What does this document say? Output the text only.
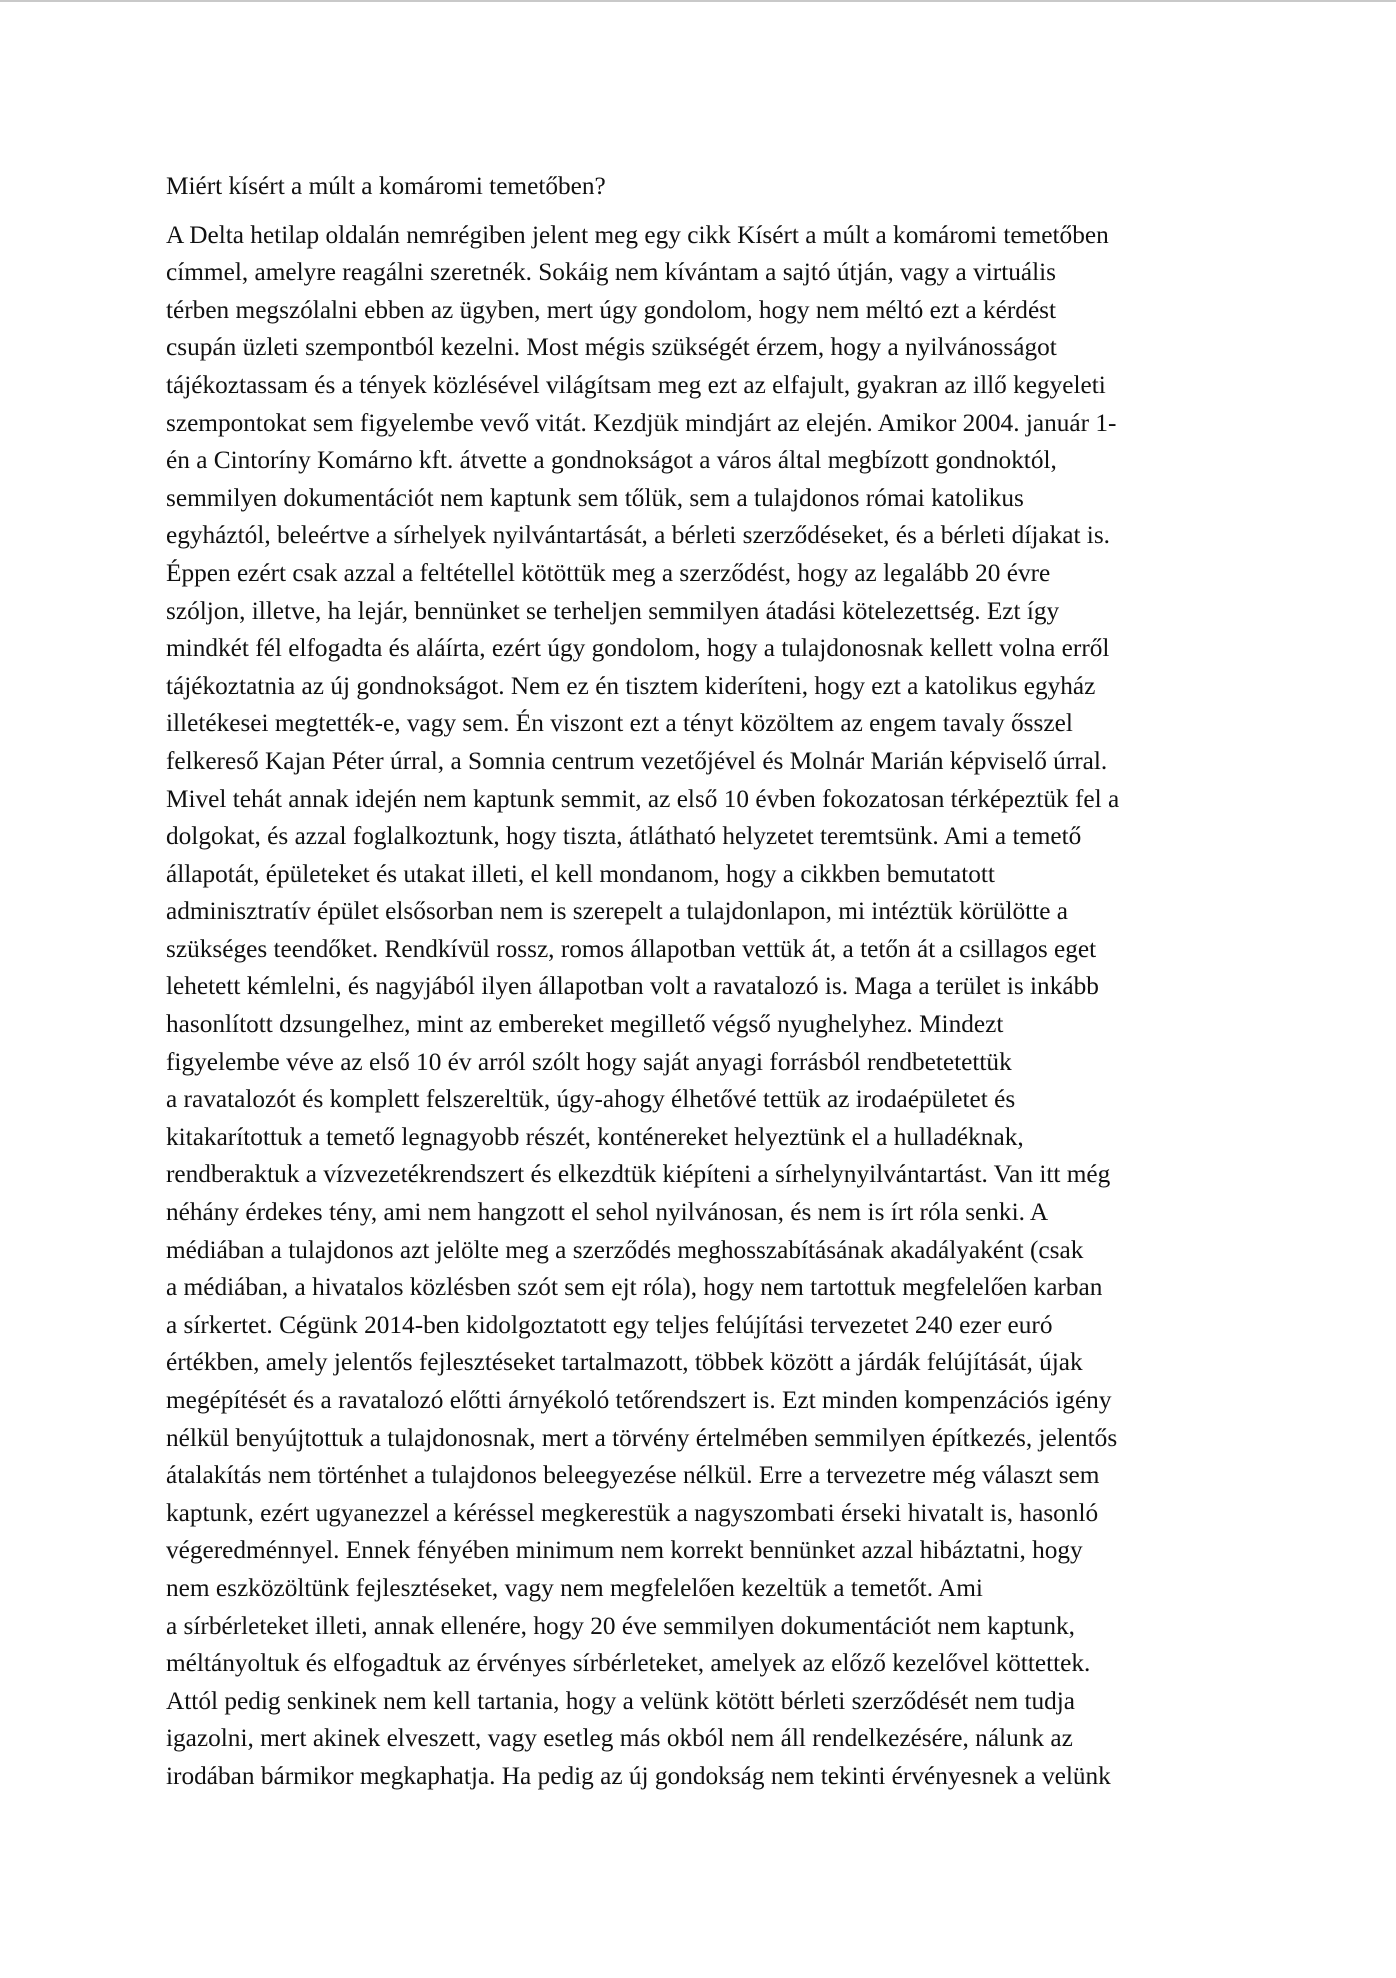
Miért kísért a múlt a komáromi temetőben?
A Delta hetilap oldalán nemrégiben jelent meg egy cikk Kísért a múlt a komáromi temetőben
címmel, amelyre reagálni szeretnék. Sokáig nem kívántam a sajtó útján, vagy a virtuális
térben megszólalni ebben az ügyben, mert úgy gondolom, hogy nem méltó ezt a kérdést
csupán üzleti szempontból kezelni. Most mégis szükségét érzem, hogy a nyilvánosságot
tájékoztassam és a tények közlésével világítsam meg ezt az elfajult, gyakran az illő kegyeleti
szempontokat sem figyelembe vevő vitát. Kezdjük mindjárt az elején. Amikor 2004. január 1-
én a Cintoríny Komárno kft. átvette a gondnokságot a város által megbízott gondnoktól,
semmilyen dokumentációt nem kaptunk sem tőlük, sem a tulajdonos római katolikus
egyháztól, beleértve a sírhelyek nyilvántartását, a bérleti szerződéseket, és a bérleti díjakat is.
Éppen ezért csak azzal a feltétellel kötöttük meg a szerződést, hogy az legalább 20 évre
szóljon, illetve, ha lejár, bennünket se terheljen semmilyen átadási kötelezettség. Ezt így
mindkét fél elfogadta és aláírta, ezért úgy gondolom, hogy a tulajdonosnak kellett volna erről
tájékoztatnia az új gondnokságot. Nem ez én tisztem kideríteni, hogy ezt a katolikus egyház
illetékesei megtették-e, vagy sem. Én viszont ezt a tényt közöltem az engem tavaly ősszel
felkereső Kajan Péter úrral, a Somnia centrum vezetőjével és Molnár Marián képviselő úrral.
Mivel tehát annak idején nem kaptunk semmit, az első 10 évben fokozatosan térképeztük fel a
dolgokat, és azzal foglalkoztunk, hogy tiszta, átlátható helyzetet teremtsünk. Ami a temető
állapotát, épületeket és utakat illeti, el kell mondanom, hogy a cikkben bemutatott
adminisztratív épület elsősorban nem is szerepelt a tulajdonlapon, mi intéztük körülötte a
szükséges teendőket. Rendkívül rossz, romos állapotban vettük át, a tetőn át a csillagos eget
lehetett kémlelni, és nagyjából ilyen állapotban volt a ravatalozó is. Maga a terület is inkább
hasonlított dzsungelhez, mint az embereket megillető végső nyughelyhez. Mindezt
figyelembe véve az első 10 év arról szólt hogy saját anyagi forrásból rendbetetettük
a ravatalozót és komplett felszereltük, úgy-ahogy élhetővé tettük az irodaépületet és
kitakarítottuk a temető legnagyobb részét, konténereket helyeztünk el a hulladéknak,
rendberaktuk a vízvezetékrendszert és elkezdtük kiépíteni a sírhelynyilvántartást. Van itt még
néhány érdekes tény, ami nem hangzott el sehol nyilvánosan, és nem is írt róla senki. A
médiában a tulajdonos azt jelölte meg a szerződés meghosszabításának akadályaként (csak
a médiában, a hivatalos közlésben szót sem ejt róla), hogy nem tartottuk megfelelően karban
a sírkertet. Cégünk 2014-ben kidolgoztatott egy teljes felújítási tervezetet 240 ezer euró
értékben, amely jelentős fejlesztéseket tartalmazott, többek között a járdák felújítását, újak
megépítését és a ravatalozó előtti árnyékoló tetőrendszert is. Ezt minden kompenzációs igény
nélkül benyújtottuk a tulajdonosnak, mert a törvény értelmében semmilyen építkezés, jelentős
átalakítás nem történhet a tulajdonos beleegyezése nélkül. Erre a tervezetre még választ sem
kaptunk, ezért ugyanezzel a kéréssel megkerestük a nagyszombati érseki hivatalt is, hasonló
végeredménnyel. Ennek fényében minimum nem korrekt bennünket azzal hibáztatni, hogy
nem eszközöltünk fejlesztéseket, vagy nem megfelelően kezeltük a temetőt. Ami
a sírbérleteket illeti, annak ellenére, hogy 20 éve semmilyen dokumentációt nem kaptunk,
méltányoltuk és elfogadtuk az érvényes sírbérleteket, amelyek az előző kezelővel köttettek.
Attól pedig senkinek nem kell tartania, hogy a velünk kötött bérleti szerződését nem tudja
igazolni, mert akinek elveszett, vagy esetleg más okból nem áll rendelkezésére, nálunk az
irodában bármikor megkaphatja. Ha pedig az új gondokság nem tekinti érvényesnek a velünk
